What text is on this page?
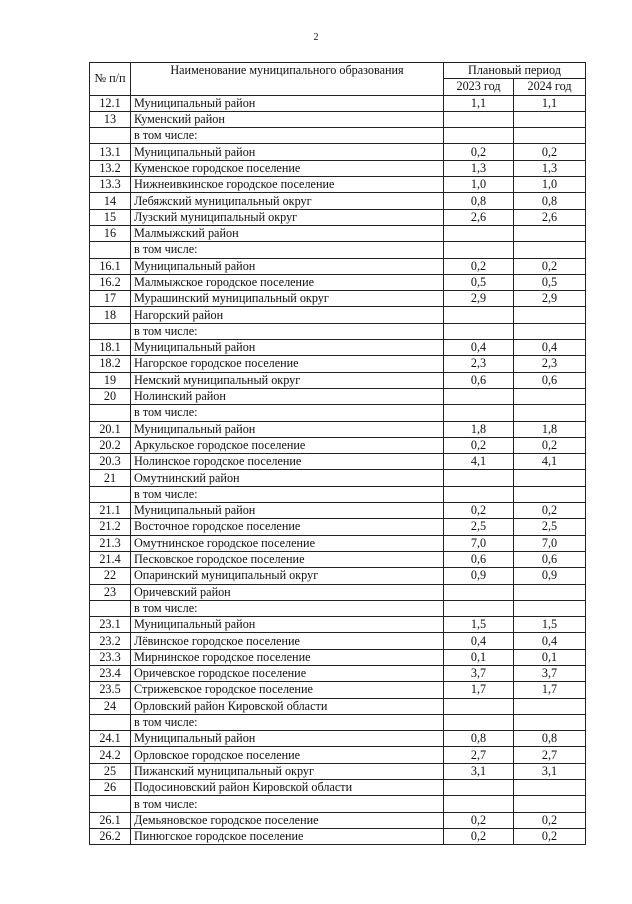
2
№ п/п	Наименование муниципального образования	Плановый период	
		2023 год	2024 год
12.1	Муниципальный район	1,1	1,1
13	Куменский район		
	в том числе:		
13.1	Муниципальный район	0,2	0,2
13.2	Куменское городское поселение	1,3	1,3
13.3	Нижнеивкинское городское поселение	1,0	1,0
14	Лебяжский муниципальный округ	0,8	0,8
15	Лузский муниципальный округ	2,6	2,6
16	Малмыжский район		
	в том числе:		
16.1	Муниципальный район	0,2	0,2
16.2	Малмыжское городское поселение	0,5	0,5
17	Мурашинский муниципальный округ	2,9	2,9
18	Нагорский район		
	в том числе:		
18.1	Муниципальный район	0,4	0,4
18.2	Нагорское городское поселение	2,3	2,3
19	Немский муниципальный округ	0,6	0,6
20	Нолинский район		
	в том числе:		
20.1	Муниципальный район	1,8	1,8
20.2	Аркульское городское поселение	0,2	0,2
20.3	Нолинское городское поселение	4,1	4,1
21	Омутнинский район		
	в том числе:		
21.1	Муниципальный район	0,2	0,2
21.2	Восточное городское поселение	2,5	2,5
21.3	Омутнинское городское поселение	7,0	7,0
21.4	Песковское городское поселение	0,6	0,6
22	Опаринский муниципальный округ	0,9	0,9
23	Оричевский район		
	в том числе:		
23.1	Муниципальный район	1,5	1,5
23.2	Лёвинское городское поселение	0,4	0,4
23.3	Мирнинское городское поселение	0,1	0,1
23.4	Оричевское городское поселение	3,7	3,7
23.5	Стрижевское городское поселение	1,7	1,7
24	Орловский район Кировской области		
	в том числе:		
24.1	Муниципальный район	0,8	0,8
24.2	Орловское городское поселение	2,7	2,7
25	Пижанский муниципальный округ	3,1	3,1
26	Подосиновский район Кировской области		
	в том числе:		
26.1	Демьяновское городское поселение	0,2	0,2
26.2	Пинюгское городское поселение	0,2	0,2
